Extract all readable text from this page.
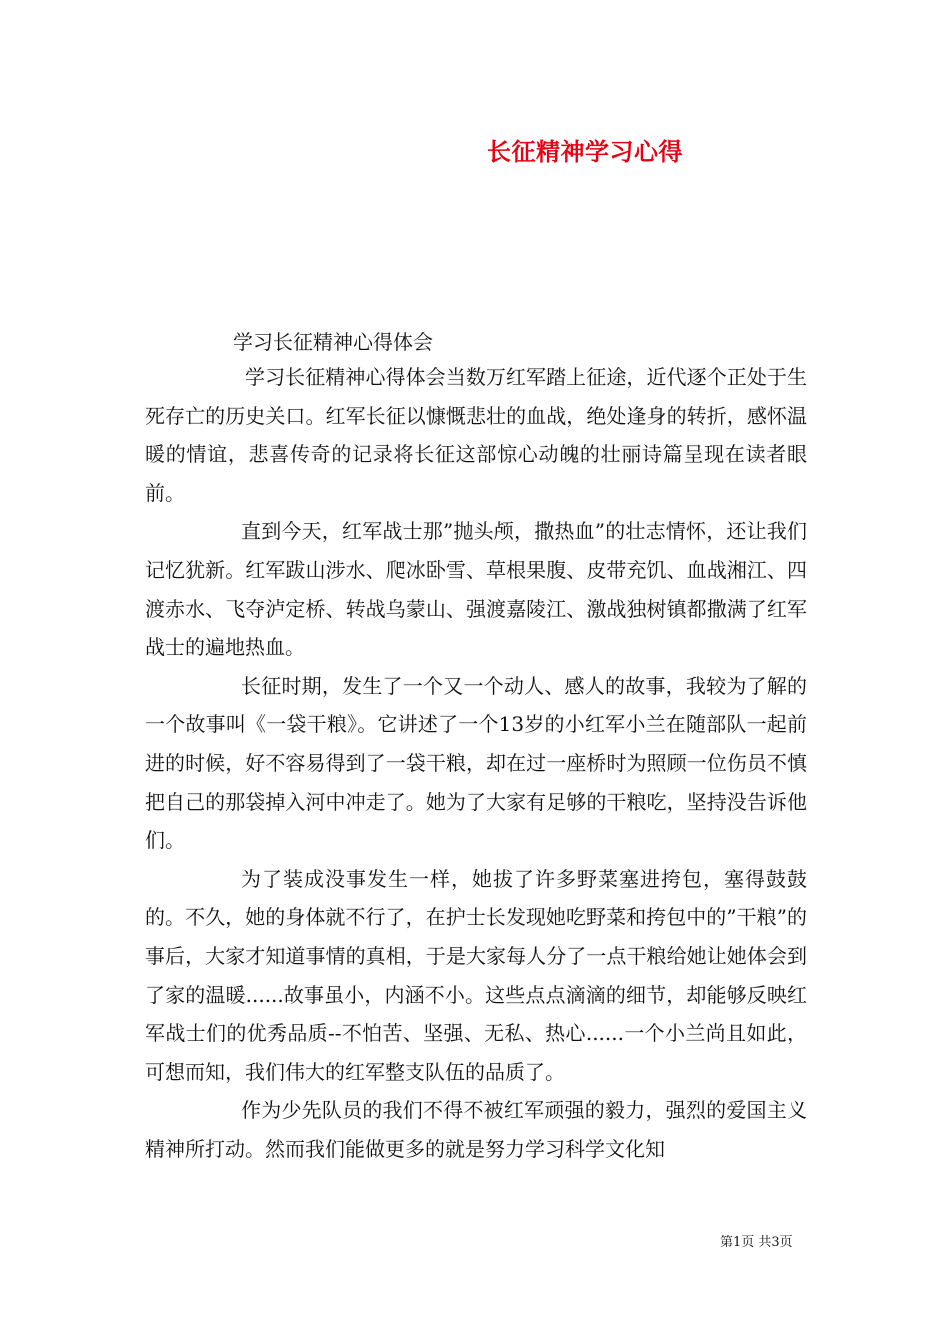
长征精神学习心得
学习长征精神心得体会

学习长征精神心得体会当数万红军踏上征途，近代逐个正处于生死存亡的历史关口。红军长征以慷慨悲壮的血战，绝处逢身的转折，感怀温暖的情谊，悲喜传奇的记录将长征这部惊心动魄的壮丽诗篇呈现在读者眼前。

直到今天，红军战士那”抛头颅，撒热血”的壮志情怀，还让我们记忆犹新。红军跋山涉水、爬冰卧雪、草根果腹、皮带充饥、血战湘江、四渡赤水、飞夺泸定桥、转战乌蒙山、强渡嘉陵江、激战独树镇都撒满了红军战士的遍地热血。

长征时期，发生了一个又一个动人、感人的故事，我较为了解的一个故事叫《一袋干粮》。它讲述了一个13岁的小红军小兰在随部队一起前进的时候，好不容易得到了一袋干粮，却在过一座桥时为照顾一位伤员不慎把自己的那袋掉入河中冲走了。她为了大家有足够的干粮吃，坚持没告诉他们。

为了装成没事发生一样，她拔了许多野菜塞进挎包，塞得鼓鼓的。不久，她的身体就不行了，在护士长发现她吃野菜和挎包中的”干粮”的事后，大家才知道事情的真相，于是大家每人分了一点干粮给她让她体会到了家的温暖......故事虽小，内涵不小。这些点点滴滴的细节，却能够反映红军战士们的优秀品质--不怕苦、坚强、无私、热心......一个小兰尚且如此，可想而知，我们伟大的红军整支队伍的品质了。

作为少先队员的我们不得不被红军顽强的毅力，强烈的爱国主义精神所打动。然而我们能做更多的就是努力学习科学文化知

第1页 共3页
